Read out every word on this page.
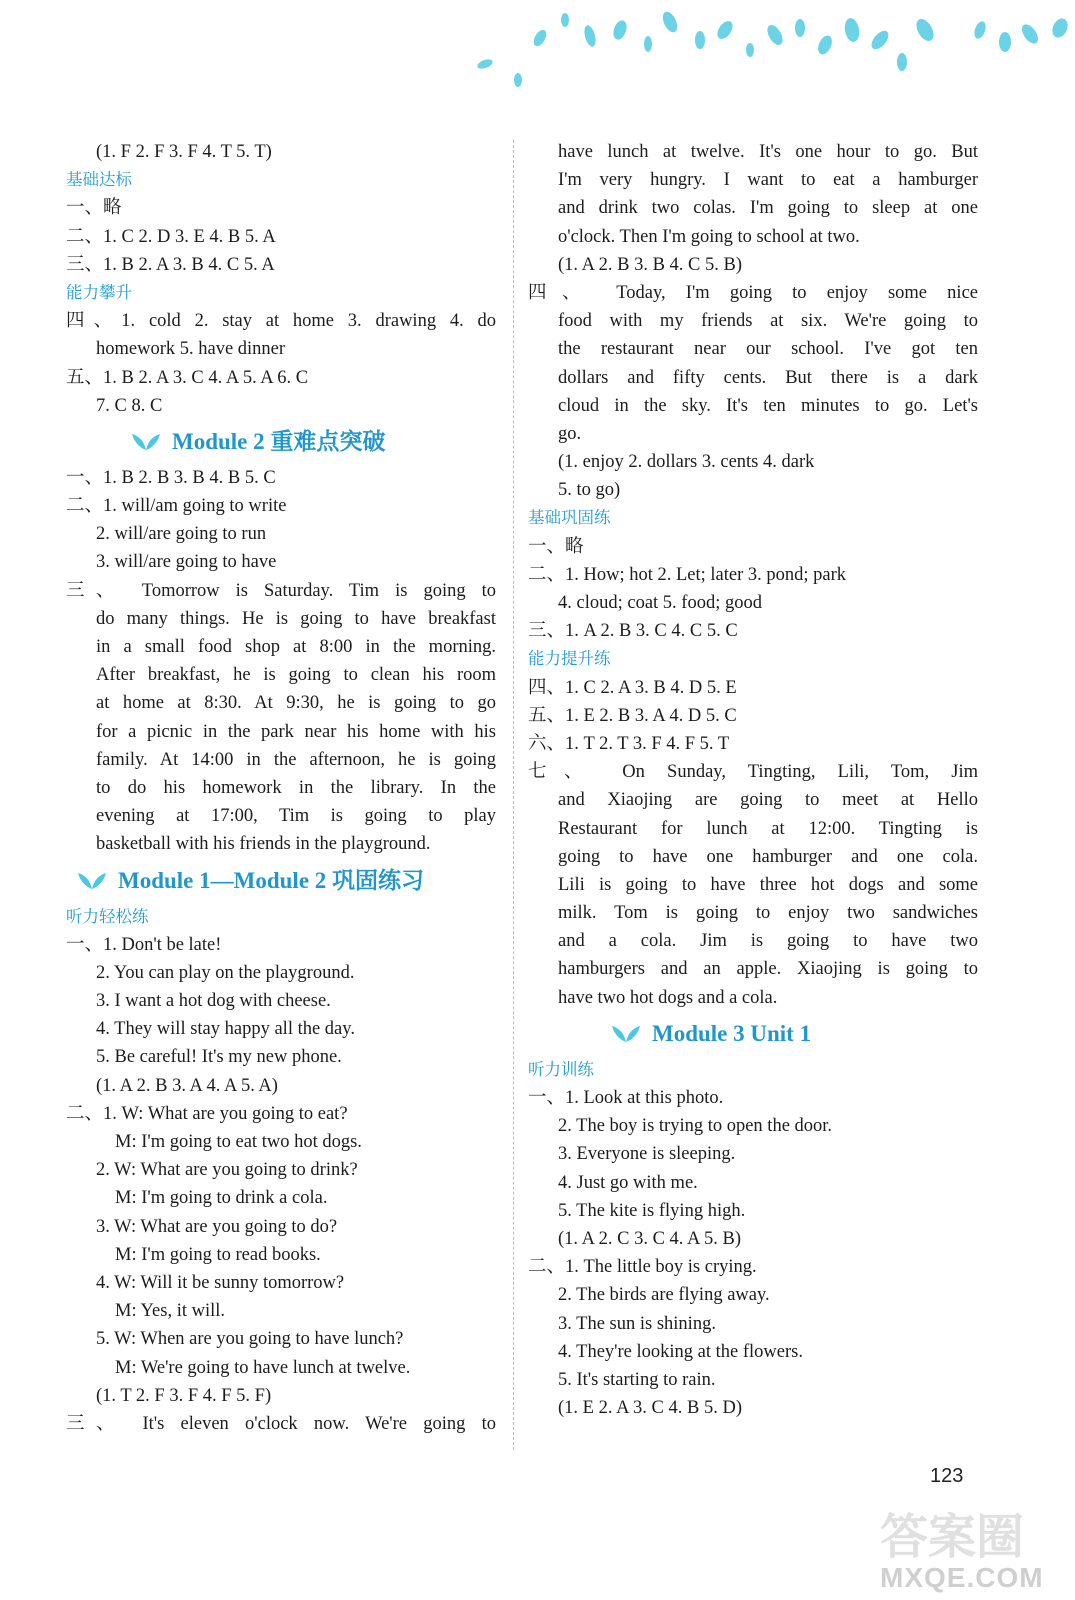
(1. F 2. F 3. F 4. T 5. T)
基础达标
一、略
二、1. C 2. D 3. E 4. B 5. A
三、1. B 2. A 3. B 4. C 5. A
能力攀升
四、1. cold 2. stay at home 3. drawing 4. do
homework 5. have dinner
五、1. B 2. A 3. C 4. A 5. A 6. C
7. C 8. C
Module 2 重难点突破
一、1. B 2. B 3. B 4. B 5. C
二、1. will/am going to write
2. will/are going to run
3. will/are going to have
三、 Tomorrow is Saturday. Tim is going to
do many things. He is going to have breakfast
in a small food shop at 8:00 in the morning.
After breakfast, he is going to clean his room
at home at 8:30. At 9:30, he is going to go
for a picnic in the park near his home with his
family. At 14:00 in the afternoon, he is going
to do his homework in the library. In the
evening at 17:00, Tim is going to play
basketball with his friends in the playground.
Module 1—Module 2 巩固练习
听力轻松练
一、1. Don't be late!
2. You can play on the playground.
3. I want a hot dog with cheese.
4. They will stay happy all the day.
5. Be careful! It's my new phone.
(1. A 2. B 3. A 4. A 5. A)
二、1. W: What are you going to eat?
M: I'm going to eat two hot dogs.
2. W: What are you going to drink?
M: I'm going to drink a cola.
3. W: What are you going to do?
M: I'm going to read books.
4. W: Will it be sunny tomorrow?
M: Yes, it will.
5. W: When are you going to have lunch?
M: We're going to have lunch at twelve.
(1. T 2. F 3. F 4. F 5. F)
三、 It's eleven o'clock now. We're going to
have lunch at twelve. It's one hour to go. But
I'm very hungry. I want to eat a hamburger
and drink two colas. I'm going to sleep at one
o'clock. Then I'm going to school at two.
(1. A 2. B 3. B 4. C 5. B)
四、 Today, I'm going to enjoy some nice
food with my friends at six. We're going to
the restaurant near our school. I've got ten
dollars and fifty cents. But there is a dark
cloud in the sky. It's ten minutes to go. Let's
go.
(1. enjoy 2. dollars 3. cents 4. dark
5. to go)
基础巩固练
一、略
二、1. How; hot 2. Let; later 3. pond; park
4. cloud; coat 5. food; good
三、1. A 2. B 3. C 4. C 5. C
能力提升练
四、1. C 2. A 3. B 4. D 5. E
五、1. E 2. B 3. A 4. D 5. C
六、1. T 2. T 3. F 4. F 5. T
七、 On Sunday, Tingting, Lili, Tom, Jim
and Xiaojing are going to meet at Hello
Restaurant for lunch at 12:00. Tingting is
going to have one hamburger and one cola.
Lili is going to have three hot dogs and some
milk. Tom is going to enjoy two sandwiches
and a cola. Jim is going to have two
hamburgers and an apple. Xiaojing is going to
have two hot dogs and a cola.
Module 3 Unit 1
听力训练
一、1. Look at this photo.
2. The boy is trying to open the door.
3. Everyone is sleeping.
4. Just go with me.
5. The kite is flying high.
(1. A 2. C 3. C 4. A 5. B)
二、1. The little boy is crying.
2. The birds are flying away.
3. The sun is shining.
4. They're looking at the flowers.
5. It's starting to rain.
(1. E 2. A 3. C 4. B 5. D)
答案圈
MXQE.COM
123
